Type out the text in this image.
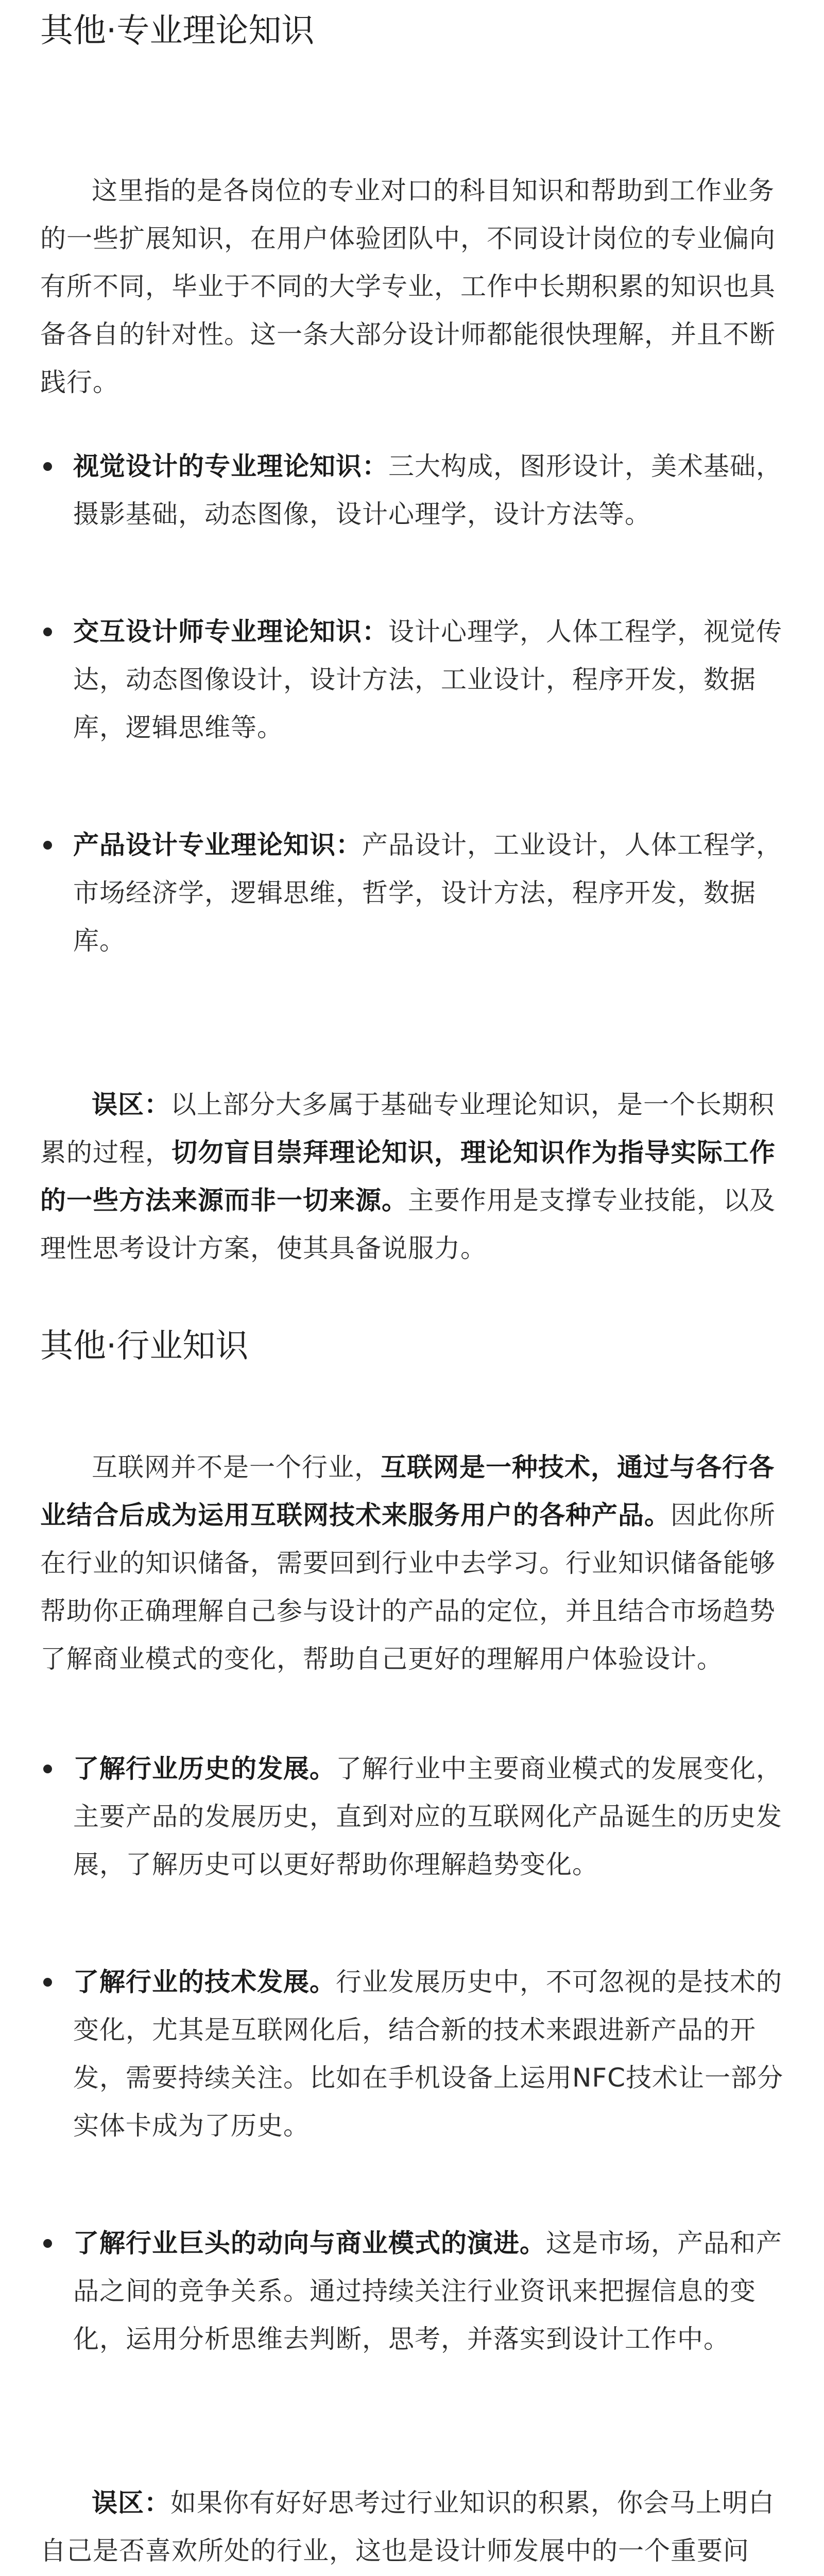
其他·专业理论知识

这里指的是各岗位的专业对口的科目知识和帮助到工作业务的一些扩展知识，在用户体验团队中，不同设计岗位的专业偏向有所不同，毕业于不同的大学专业，工作中长期积累的知识也具备各自的针对性。这一条大部分设计师都能很快理解，并且不断践行。

视觉设计的专业理论知识：三大构成，图形设计，美术基础，摄影基础，动态图像，设计心理学，设计方法等。
交互设计师专业理论知识：设计心理学，人体工程学，视觉传达，动态图像设计，设计方法，工业设计，程序开发，数据库，逻辑思维等。
产品设计专业理论知识：产品设计，工业设计，人体工程学，市场经济学，逻辑思维，哲学，设计方法，程序开发，数据库。

误区：以上部分大多属于基础专业理论知识，是一个长期积累的过程，切勿盲目崇拜理论知识，理论知识作为指导实际工作的一些方法来源而非一切来源。主要作用是支撑专业技能，以及理性思考设计方案，使其具备说服力。

其他·行业知识

互联网并不是一个行业，互联网是一种技术，通过与各行各业结合后成为运用互联网技术来服务用户的各种产品。因此你所在行业的知识储备，需要回到行业中去学习。行业知识储备能够帮助你正确理解自己参与设计的产品的定位，并且结合市场趋势了解商业模式的变化，帮助自己更好的理解用户体验设计。

了解行业历史的发展。了解行业中主要商业模式的发展变化，主要产品的发展历史，直到对应的互联网化产品诞生的历史发展，了解历史可以更好帮助你理解趋势变化。
了解行业的技术发展。行业发展历史中，不可忽视的是技术的变化，尤其是互联网化后，结合新的技术来跟进新产品的开发，需要持续关注。比如在手机设备上运用NFC技术让一部分实体卡成为了历史。
了解行业巨头的动向与商业模式的演进。这是市场，产品和产品之间的竞争关系。通过持续关注行业资讯来把握信息的变化，运用分析思维去判断，思考，并落实到设计工作中。

误区：如果你有好好思考过行业知识的积累，你会马上明白自己是否喜欢所处的行业，这也是设计师发展中的一个重要问
